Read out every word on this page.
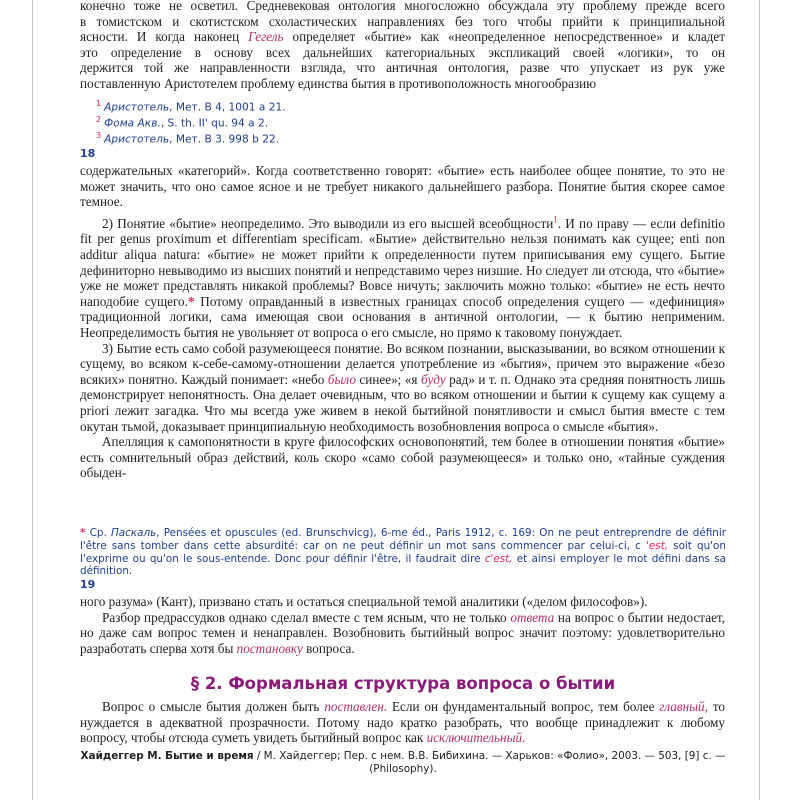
конечно тоже не осветил. Средневековая онтология многосложно обсуждала эту проблему прежде всего

в томистском и скотистском схоластических направлениях без того чтобы прийти к принципиальной

ясности. И когда наконец Гегель определяет «бытие» как «неопределенное непосредственное» и кладет

это определение в основу всех дальнейших категориальных экспликаций своей «логики», то он

держится той же направленности взгляда, что античная онтология, разве что упускает из рук уже

поставленную Аристотелем проблему единства бытия в противоположность многообразию

$^1$ Аристотель, Мет. В 4, 1001 а 21.
$^2$ Фома Акв., S. th. II' qu. 94 а 2.
$^3$ Аристотель, Мет. В 3. 998 b 22.
18

содержательных «категорий». Когда соответственно говорят: «бытие» есть наиболее общее понятие, то это не может значить, что оно самое ясное и не требует никакого дальнейшего разбора. Понятие бытия скорее самое темное.

2) Понятие «бытие» неопределимо. Это выводили из его высшей всеобщности$^1$. И по праву — если definitio fit per genus proximum et differentiam specificam. «Бытие» действительно нельзя понимать как сущее; enti non additur aliqua natura: «бытие» не может прийти к определенности путем приписывания ему сущего. Бытие дефиниторно невыводимо из высших понятий и непредставимо через низшие. Но следует ли отсюда, что «бытие» уже не может представлять никакой проблемы? Вовсе ничуть; заключить можно только: «бытие» не есть нечто наподобие сущего.* Потому оправданный в известных границах способ определения сущего — «дефиниция» традиционной логики, сама имеющая свои основания в античной онтологии, — к бытию неприменим. Неопределимость бытия не увольняет от вопроса о его смысле, но прямо к таковому понуждает.

3) Бытие есть само собой разумеющееся понятие. Во всяком познании, высказывании, во всяком отношении к сущему, во всяком к-себе-самому-отношении делается употребление из «бытия», причем это выражение «безо всяких» понятно. Каждый понимает: «небо было синее»; «я буду рад» и т. п. Однако эта средняя понятность лишь демонстрирует непонятность. Она делает очевидным, что во всяком отношении и бытии к сущему как сущему а priori лежит загадка. Что мы всегда уже живем в некой бытийной понятливости и смысл бытия вместе с тем окутан тьмой, доказывает принципиальную необходимость возобновления вопроса о смысле «бытия».

Апелляция к самопонятности в круге философских основопонятий, тем более в отношении понятия «бытие» есть сомнительный образ действий, коль скоро «само собой разумеющееся» и только оно, «тайные суждения обыден-

* Ср. Паскаль, Pensées et opuscules (ed. Brunschvicg), 6-me éd., Paris 1912, с. 169: On ne peut entreprendre de définir l'être sans tomber dans cette absurdité: car on ne peut définir un mot sans commencer par celui-ci, c 'est, soit qu'on l'exprime ou qu'on le sous-entende. Donc pour définir l'être, il faudrait dire c'est, et ainsi employer le mot défini dans sa définition.
19

ного разума» (Кант), призвано стать и остаться специальной темой аналитики («делом философов»).

Разбор предрассудков однако сделал вместе с тем ясным, что не только ответа на вопрос о бытии недостает, но даже сам вопрос темен и ненаправлен. Возобновить бытийный вопрос значит поэтому: удовлетворительно разработать сперва хотя бы постановку вопроса.

§ 2. Формальная структура вопроса о бытии

Вопрос о смысле бытия должен быть поставлен. Если он фундаментальный вопрос, тем более главный, то нуждается в адекватной прозрачности. Потому надо кратко разобрать, что вообще принадлежит к любому вопросу, чтобы отсюда суметь увидеть бытийный вопрос как исключительный.

Хайдеггер М. Бытие и время / М. Хайдеггер; Пер. с нем. В.В. Бибихина. — Харьков: «Фолио», 2003. — 503, [9] с. — (Philosophy).
